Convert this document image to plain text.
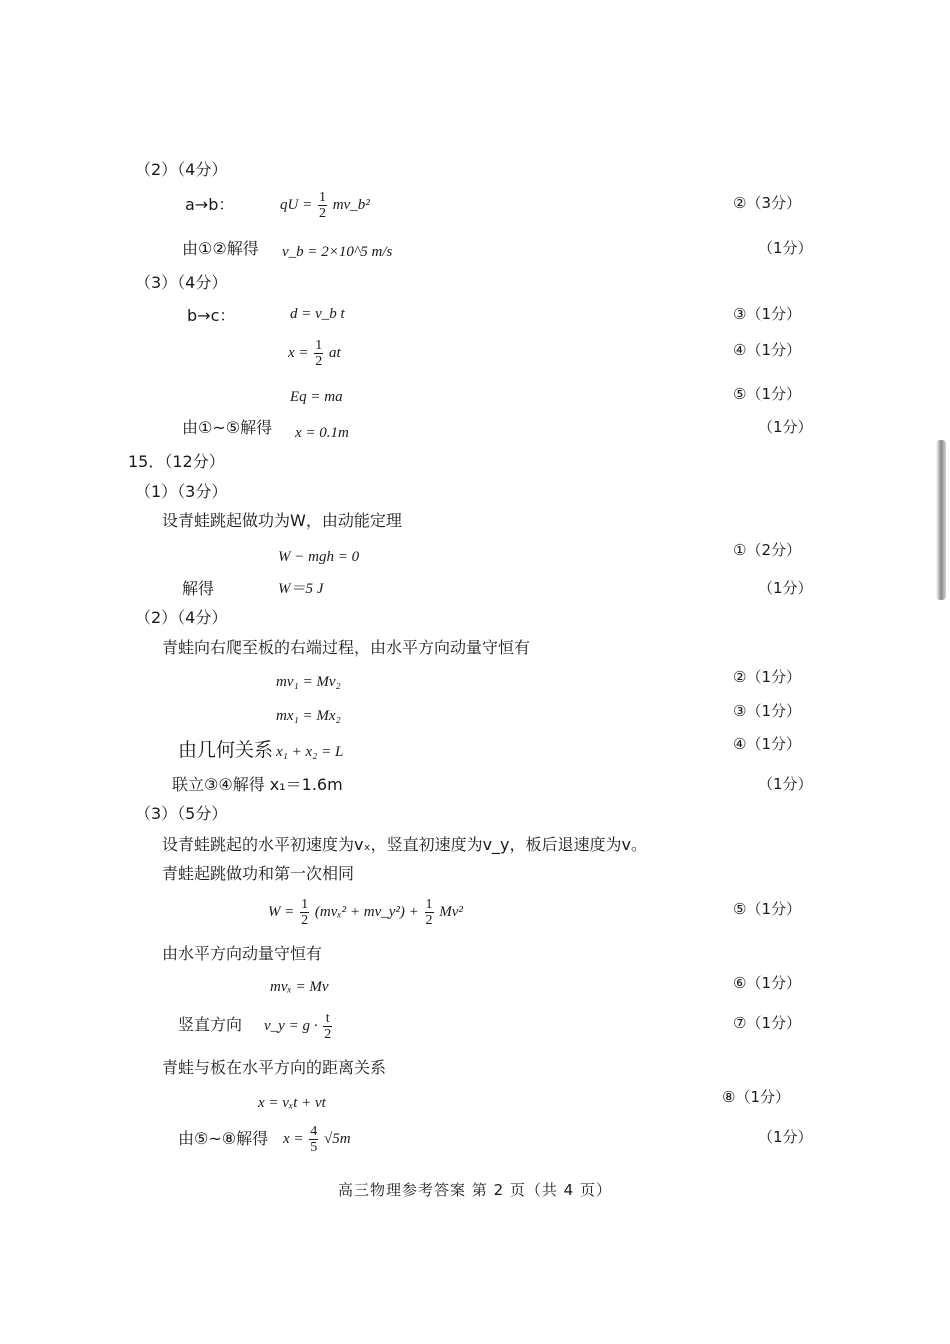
（2）（4分）
a→b：
由①②解得 v_b = 2×10^5 m/s
（3）（4分）
b→c：	d = v_b t
Eq = ma
由①~⑤解得 x = 0.1m
15．（12分）
（1）（3分）
设青蛙跳起做功为W，由动能定理
W − mgh = 0
解得	W＝5 J
（2）（4分）
青蛙向右爬至板的右端过程，由水平方向动量守恒有
mv₁ = Mv₂
mx₁ = Mx₂
由几何关系 x₁ + x₂ = L
联立③④解得 x₁＝1.6m
（3）（5分）
设青蛙跳起的水平初速度为vₓ，竖直初速度为v_y，板后退速度为v。
青蛙起跳做功和第一次相同
由水平方向动量守恒有
mvₓ = Mv
竖直方向
青蛙与板在水平方向的距离关系
x = vₓt + vt
由⑤~⑧解得
qU = $\frac{1}{2}$ mv_b²
$x = \frac{1}{2}$ at
$W = \frac{1}{2} (mv_x^2$ + mv_y²) + $\frac{1}{2} Mv^2$
v_y = $g \cdot \frac{t}{2}$
$x = \frac{4}{5} √5m$
②（3分）
（1分）
③（1分）
④（1分）
⑤（1分）
（1分）
①（2分）
（1分）
②（1分）
③（1分）
④（1分）
（1分）
⑤（1分）
⑥（1分）
⑦（1分）
⑧（1分）
（1分）
高三物理参考答案 第 2 页（共 4 页）
